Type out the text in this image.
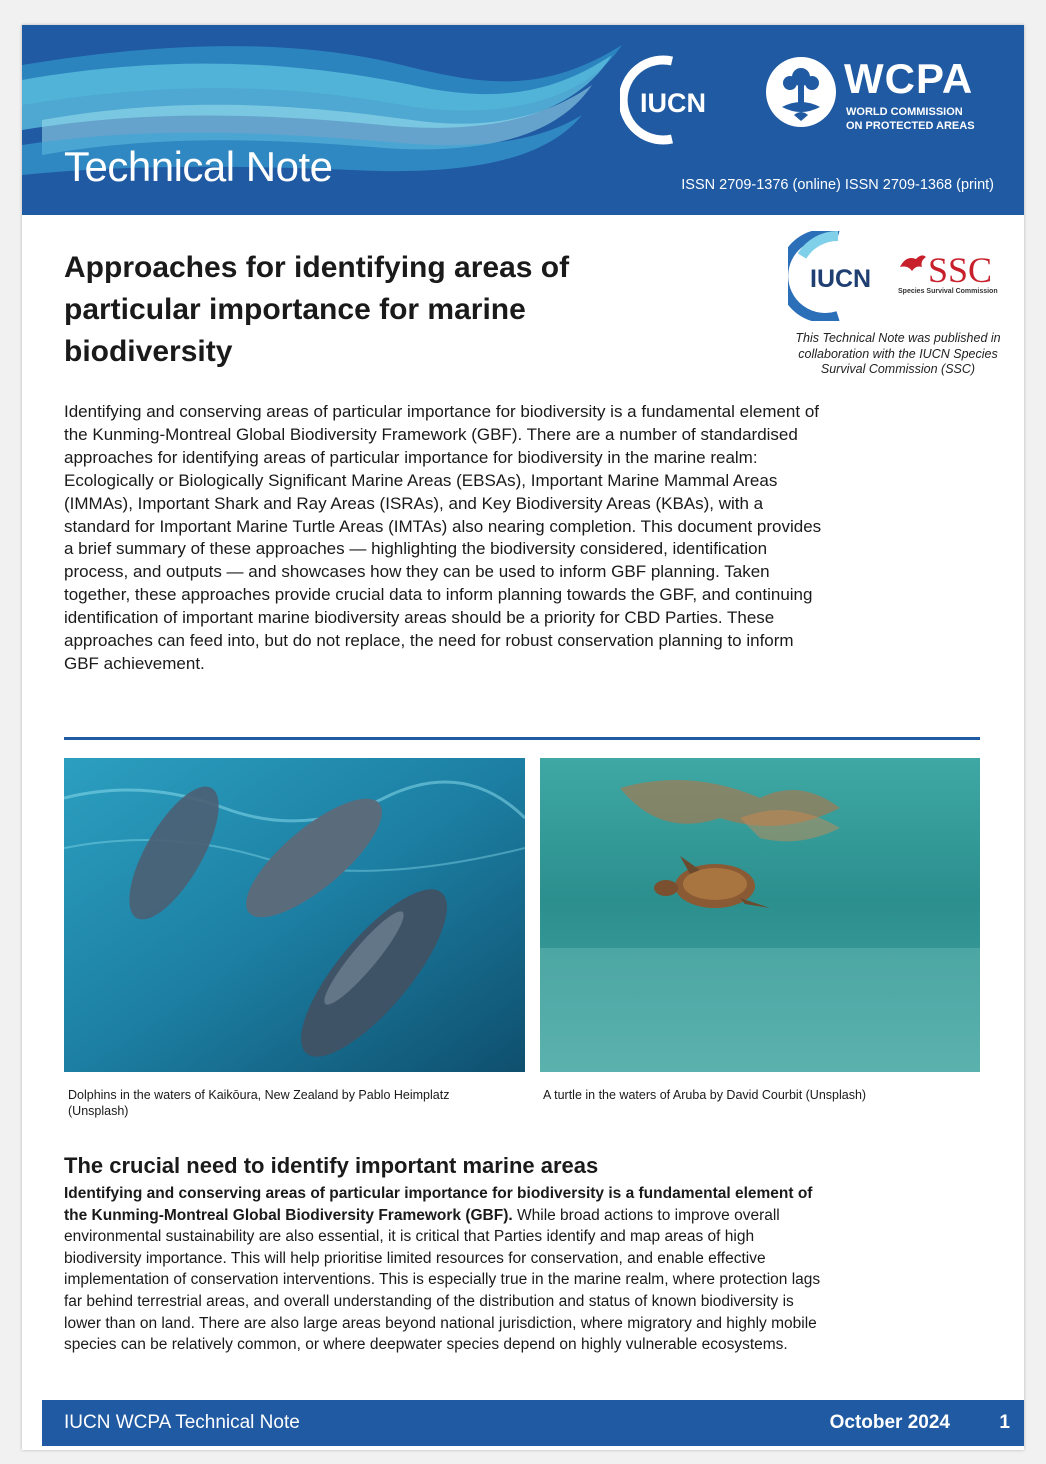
Technical Note	ISSN 2709-1376 (online) ISSN 2709-1368 (print)
IUCN
WCPA
WORLD COMMISSION
ON PROTECTED AREAS
Approaches for identifying areas of
particular importance for marine
biodiversity
IUCN SSC
Species Survival Commission
This Technical Note was published in collaboration with the IUCN Species Survival Commission (SSC)
Identifying and conserving areas of particular importance for biodiversity is a fundamental element of the Kunming-Montreal Global Biodiversity Framework (GBF). There are a number of standardised approaches for identifying areas of particular importance for biodiversity in the marine realm: Ecologically or Biologically Significant Marine Areas (EBSAs), Important Marine Mammal Areas (IMMAs), Important Shark and Ray Areas (ISRAs), and Key Biodiversity Areas (KBAs), with a standard for Important Marine Turtle Areas (IMTAs) also nearing completion. This document provides a brief summary of these approaches — highlighting the biodiversity considered, identification process, and outputs — and showcases how they can be used to inform GBF planning. Taken together, these approaches provide crucial data to inform planning towards the GBF, and continuing identification of important marine biodiversity areas should be a priority for CBD Parties. These approaches can feed into, but do not replace, the need for robust conservation planning to inform GBF achievement.
Dolphins in the waters of Kaikōura, New Zealand by Pablo Heimplatz (Unsplash)
A turtle in the waters of Aruba by David Courbit (Unsplash)
The crucial need to identify important marine areas
Identifying and conserving areas of particular importance for biodiversity is a fundamental element of the Kunming-Montreal Global Biodiversity Framework (GBF). While broad actions to improve overall environmental sustainability are also essential, it is critical that Parties identify and map areas of high biodiversity importance. This will help prioritise limited resources for conservation, and enable effective implementation of conservation interventions. This is especially true in the marine realm, where protection lags far behind terrestrial areas, and overall understanding of the distribution and status of known biodiversity is lower than on land. There are also large areas beyond national jurisdiction, where migratory and highly mobile species can be relatively common, or where deepwater species depend on highly vulnerable ecosystems.
IUCN WCPA Technical Note	October 2024	1
